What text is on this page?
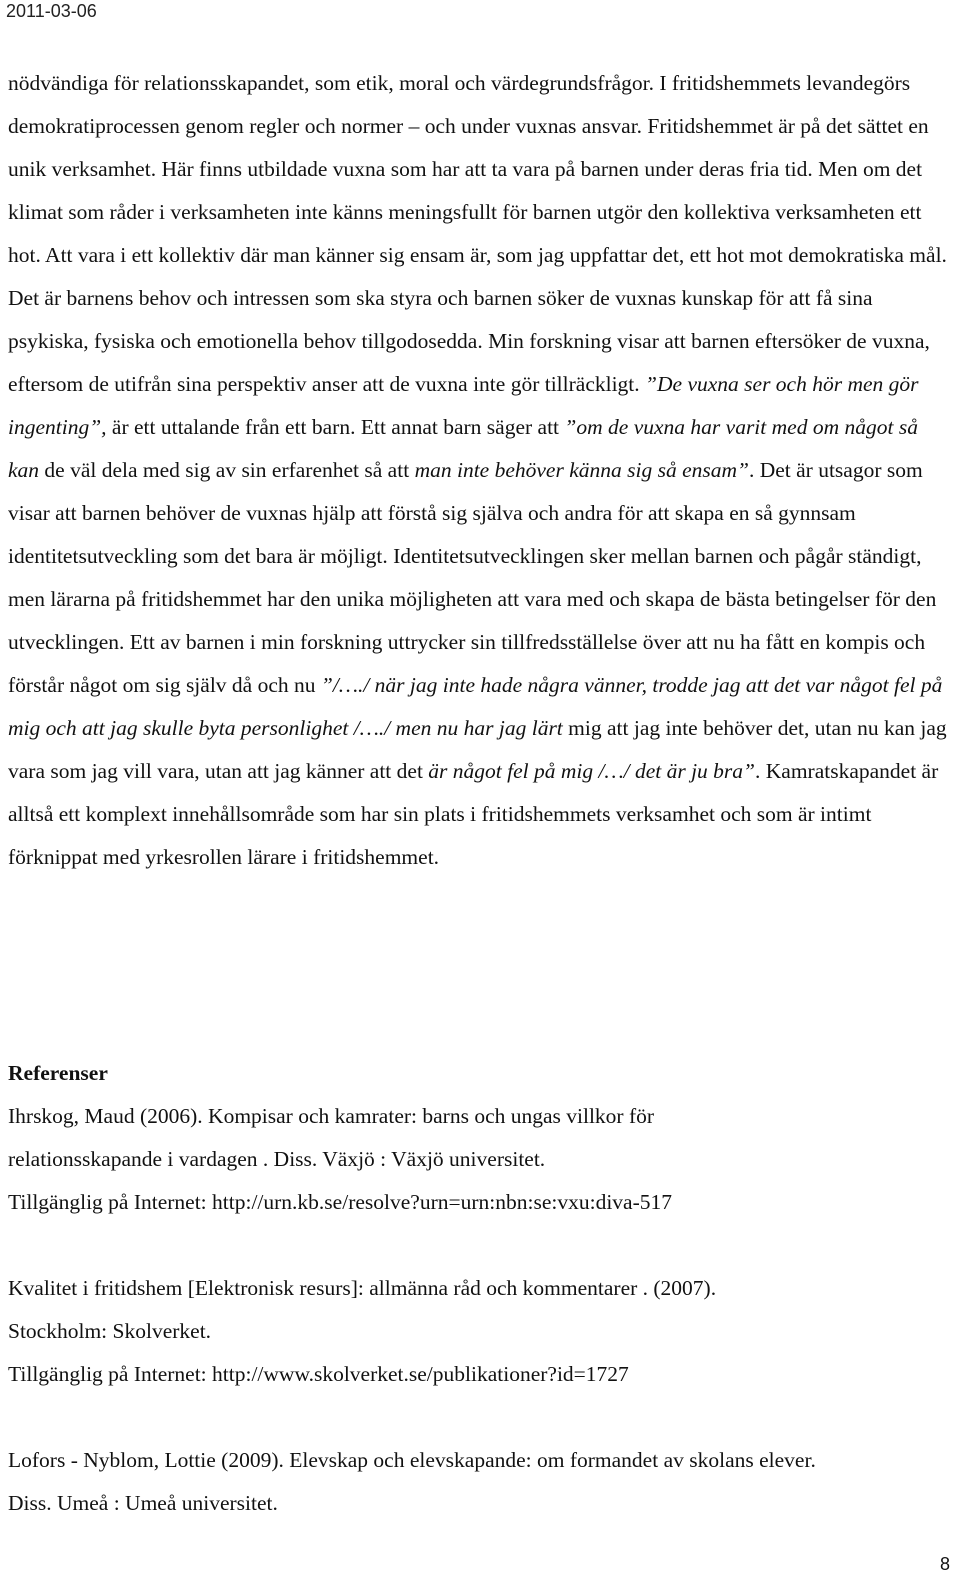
2011-03-06
nödvändiga för relationsskapandet, som etik, moral och värdegrundsfrågor. I fritidshemmets levandegörs demokratiprocessen genom regler och normer – och under vuxnas ansvar. Fritidshemmet är på det sättet en unik verksamhet. Här finns utbildade vuxna som har att ta vara på barnen under deras fria tid. Men om det klimat som råder i verksamheten inte känns meningsfullt för barnen utgör den kollektiva verksamheten ett hot. Att vara i ett kollektiv där man känner sig ensam är, som jag uppfattar det, ett hot mot demokratiska mål. Det är barnens behov och intressen som ska styra och barnen söker de vuxnas kunskap för att få sina psykiska, fysiska och emotionella behov tillgodosedda. Min forskning visar att barnen eftersöker de vuxna, eftersom de utifrån sina perspektiv anser att de vuxna inte gör tillräckligt. ”De vuxna ser och hör men gör ingenting”, är ett uttalande från ett barn. Ett annat barn säger att ”om de vuxna har varit med om något så kan de väl dela med sig av sin erfarenhet så att man inte behöver känna sig så ensam”. Det är utsagor som visar att barnen behöver de vuxnas hjälp att förstå sig själva och andra för att skapa en så gynnsam identitetsutveckling som det bara är möjligt. Identitetsutvecklingen sker mellan barnen och pågår ständigt, men lärarna på fritidshemmet har den unika möjligheten att vara med och skapa de bästa betingelser för den utvecklingen. Ett av barnen i min forskning uttrycker sin tillfredsställelse över att nu ha fått en kompis och förstår något om sig själv då och nu ”/…./ när jag inte hade några vänner, trodde jag att det var något fel på mig och att jag skulle byta personlighet /…./ men nu har jag lärt mig att jag inte behöver det, utan nu kan jag vara som jag vill vara, utan att jag känner att det är något fel på mig /…/ det är ju bra”. Kamratskapandet är alltså ett komplext innehållsområde som har sin plats i fritidshemmets verksamhet och som är intimt förknippat med yrkesrollen lärare i fritidshemmet.
Referenser
Ihrskog, Maud (2006). Kompisar och kamrater: barns och ungas villkor för
relationsskapande i vardagen . Diss. Växjö : Växjö universitet.
Tillgänglig på Internet: http://urn.kb.se/resolve?urn=urn:nbn:se:vxu:diva-517
Kvalitet i fritidshem [Elektronisk resurs]: allmänna råd och kommentarer . (2007).
Stockholm: Skolverket.
Tillgänglig på Internet: http://www.skolverket.se/publikationer?id=1727
Lofors - Nyblom, Lottie (2009). Elevskap och elevskapande: om formandet av skolans elever.
Diss. Umeå : Umeå universitet.
8
